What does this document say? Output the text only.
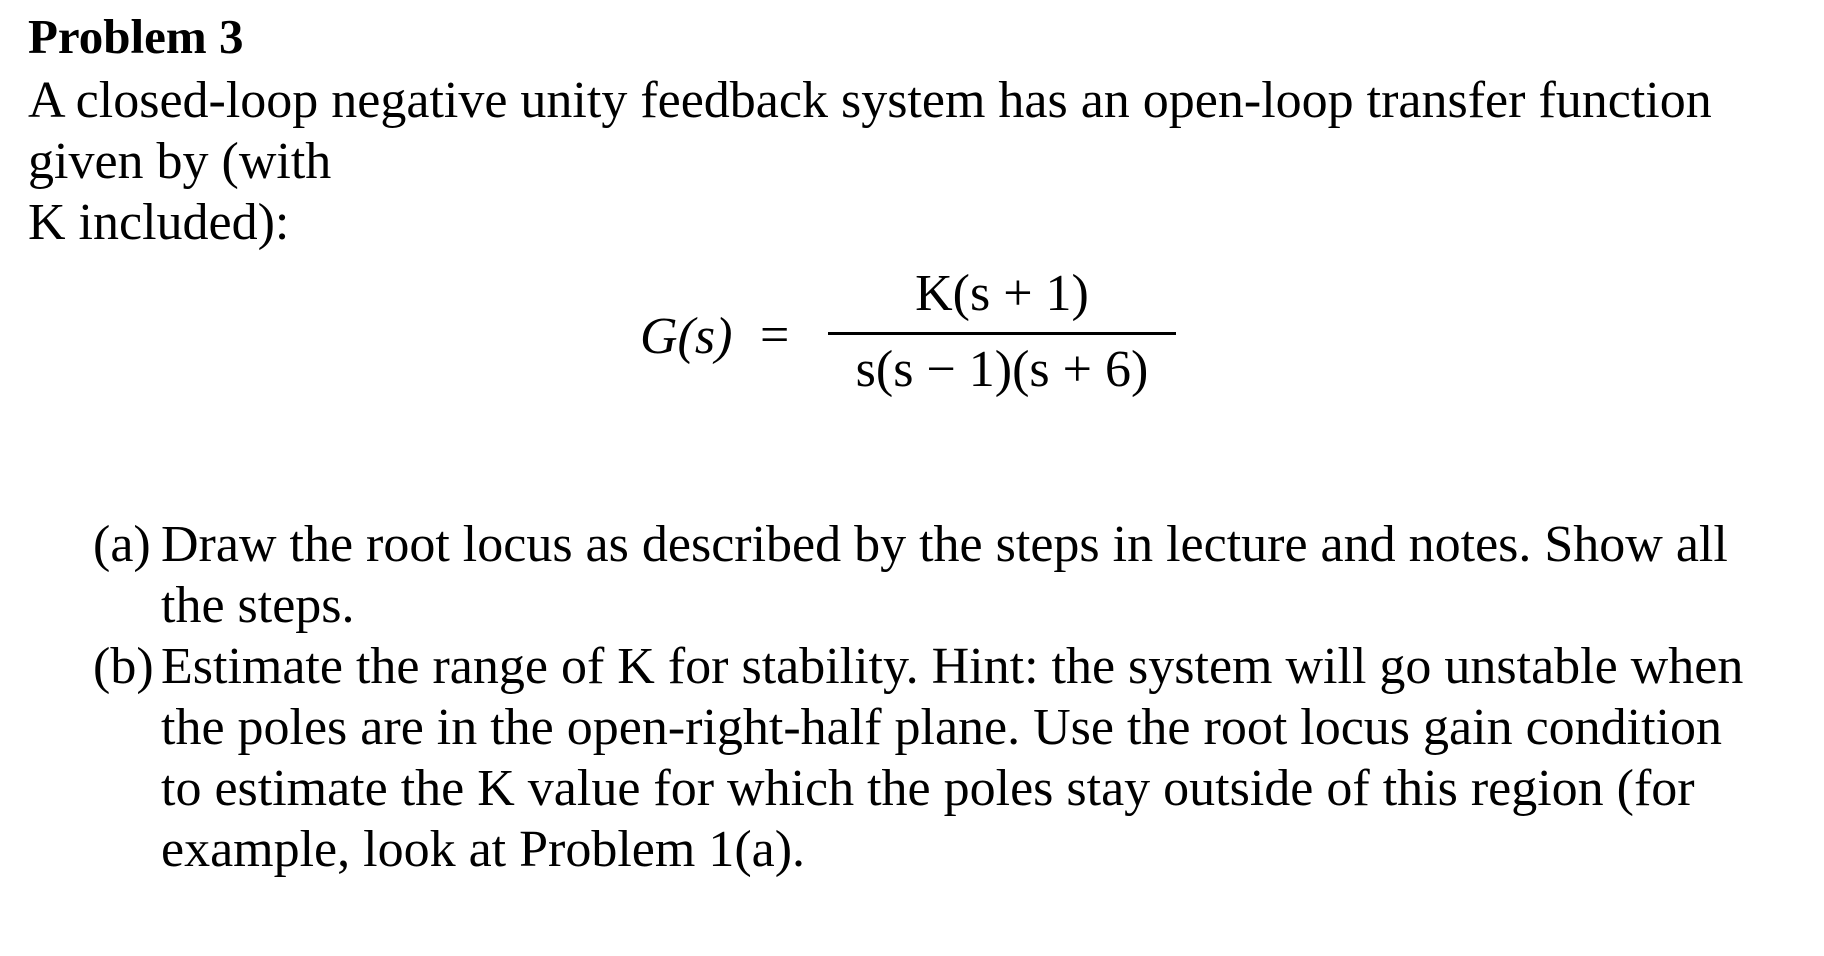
Problem 3
A closed-loop negative unity feedback system has an open-loop transfer function
given by (with
K included):
G(s) =
K(s + 1)
s(s − 1)(s + 6)
(a) Draw the root locus as described by the steps in lecture and notes. Show all
the steps.
(b) Estimate the range of K for stability. Hint: the system will go unstable when
the poles are in the open-right-half plane. Use the root locus gain condition
to estimate the K value for which the poles stay outside of this region (for
example, look at Problem 1(a).
